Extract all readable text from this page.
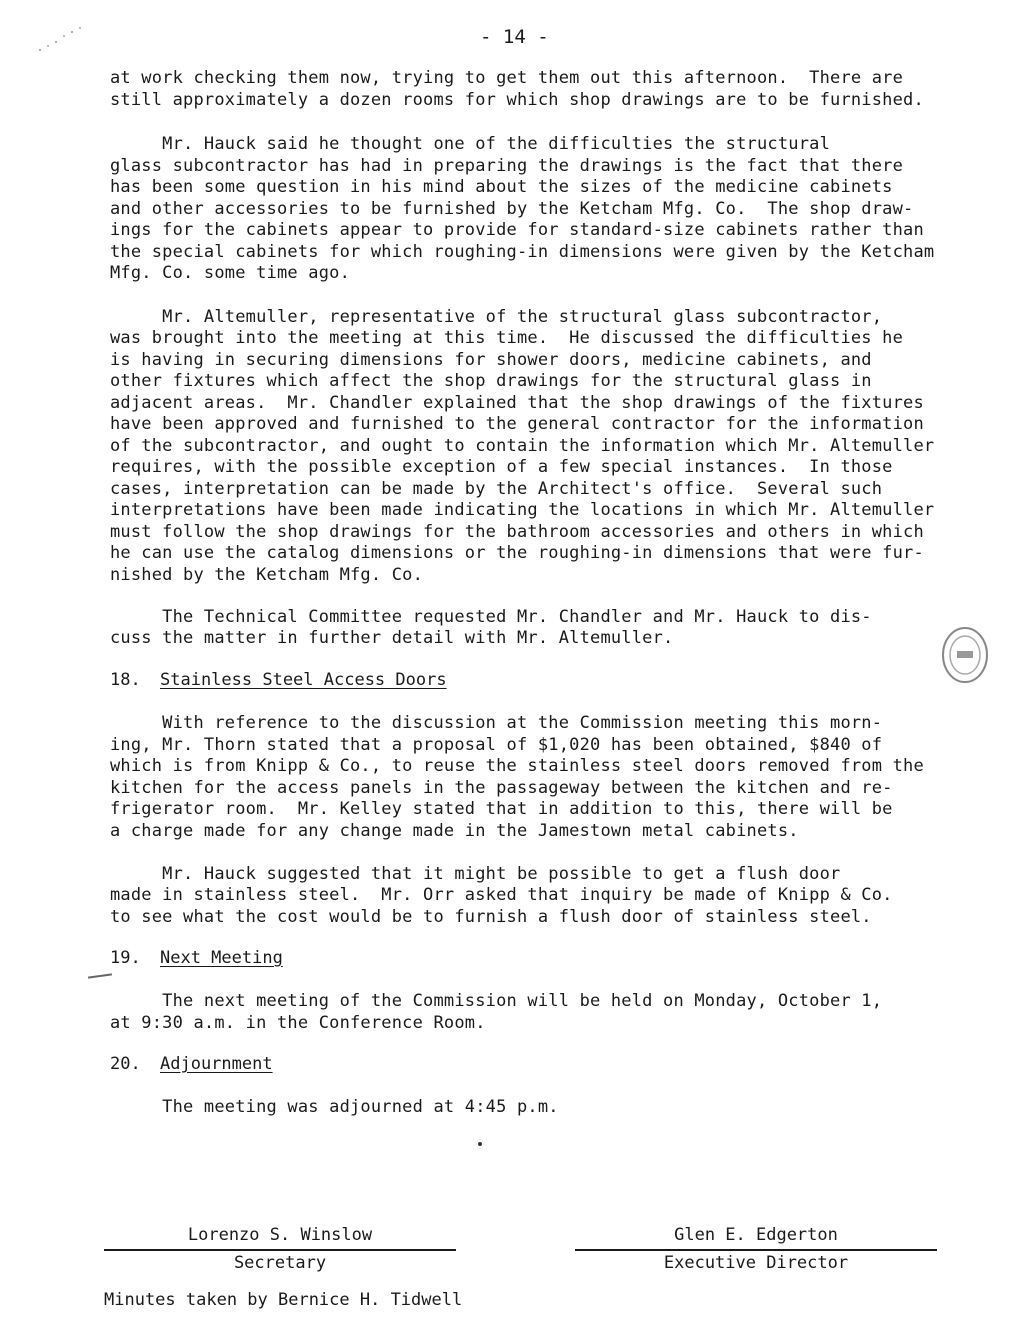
- 14 -
at work checking them now, trying to get them out this afternoon.  There are
still approximately a dozen rooms for which shop drawings are to be furnished.
Mr. Hauck said he thought one of the difficulties the structural
glass subcontractor has had in preparing the drawings is the fact that there
has been some question in his mind about the sizes of the medicine cabinets
and other accessories to be furnished by the Ketcham Mfg. Co.  The shop draw-
ings for the cabinets appear to provide for standard-size cabinets rather than
the special cabinets for which roughing-in dimensions were given by the Ketcham
Mfg. Co. some time ago.
Mr. Altemuller, representative of the structural glass subcontractor,
was brought into the meeting at this time.  He discussed the difficulties he
is having in securing dimensions for shower doors, medicine cabinets, and
other fixtures which affect the shop drawings for the structural glass in
adjacent areas.  Mr. Chandler explained that the shop drawings of the fixtures
have been approved and furnished to the general contractor for the information
of the subcontractor, and ought to contain the information which Mr. Altemuller
requires, with the possible exception of a few special instances.  In those
cases, interpretation can be made by the Architect's office.  Several such
interpretations have been made indicating the locations in which Mr. Altemuller
must follow the shop drawings for the bathroom accessories and others in which
he can use the catalog dimensions or the roughing-in dimensions that were fur-
nished by the Ketcham Mfg. Co.
The Technical Committee requested Mr. Chandler and Mr. Hauck to dis-
cuss the matter in further detail with Mr. Altemuller.
18. Stainless Steel Access Doors
With reference to the discussion at the Commission meeting this morn-
ing, Mr. Thorn stated that a proposal of $1,020 has been obtained, $840 of
which is from Knipp & Co., to reuse the stainless steel doors removed from the
kitchen for the access panels in the passageway between the kitchen and re-
frigerator room.  Mr. Kelley stated that in addition to this, there will be
a charge made for any change made in the Jamestown metal cabinets.
Mr. Hauck suggested that it might be possible to get a flush door
made in stainless steel.  Mr. Orr asked that inquiry be made of Knipp & Co.
to see what the cost would be to furnish a flush door of stainless steel.
19. Next Meeting
The next meeting of the Commission will be held on Monday, October 1,
at 9:30 a.m. in the Conference Room.
20. Adjournment
The meeting was adjourned at 4:45 p.m.
Lorenzo S. Winslow
Secretary
Glen E. Edgerton
Executive Director
Minutes taken by Bernice H. Tidwell
